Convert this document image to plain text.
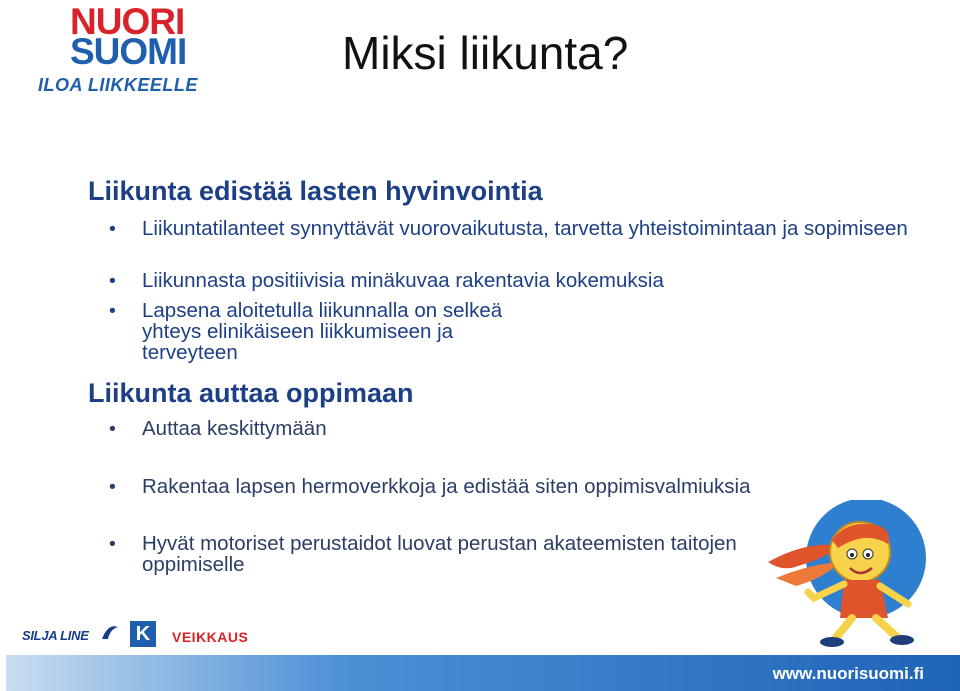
NUORI
SUOMI
ILOA LIIKKEELLE
Miksi liikunta?
Liikunta edistää lasten hyvinvointia
• Liikuntatilanteet synnyttävät vuorovaikutusta, tarvetta yhteistoimintaan ja sopimiseen
• Liikunnasta positiivisia minäkuvaa rakentavia kokemuksia
• Lapsena aloitetulla liikunnalla on selkeä yhteys elinikäiseen liikkumiseen ja terveyteen
Liikunta auttaa oppimaan
• Auttaa keskittymään
• Rakentaa lapsen hermoverkkoja ja edistää siten oppimisvalmiuksia
• Hyvät motoriset perustaidot luovat perustan akateemisten taitojen oppimiselle
SILJA LINE K	VEIKKAUS
www.nuorisuomi.fi
